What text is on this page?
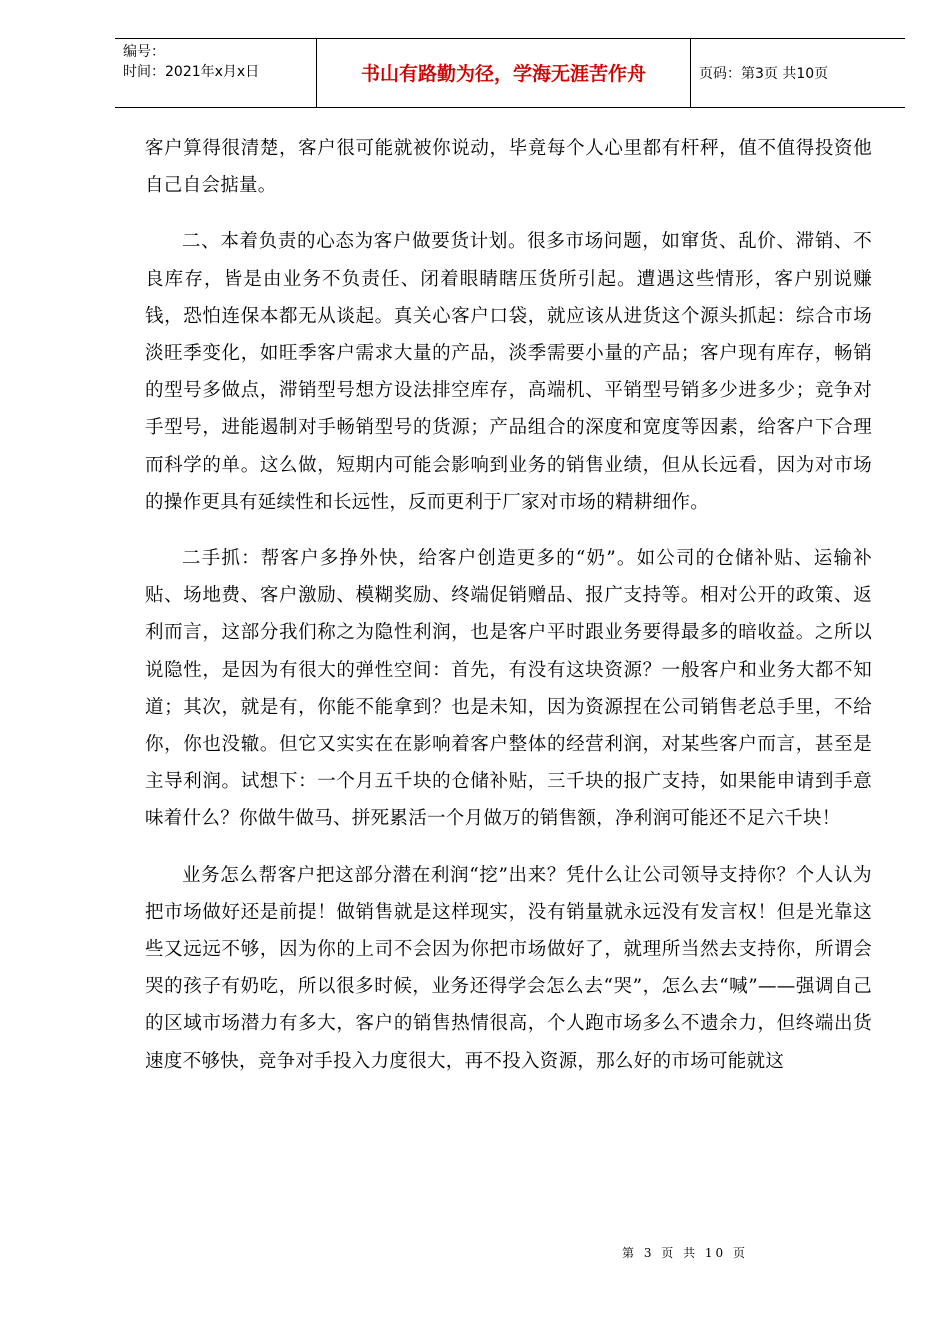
编号：
时间：2021年x月x日	书山有路勤为径，学海无涯苦作舟	页码：第3页 共10页

客户算得很清楚，客户很可能就被你说动，毕竟每个人心里都有杆秤，值不值得投资他自己自会掂量。

二、本着负责的心态为客户做要货计划。很多市场问题，如窜货、乱价、滞销、不良库存，皆是由业务不负责任、闭着眼睛瞎压货所引起。遭遇这些情形，客户别说赚钱，恐怕连保本都无从谈起。真关心客户口袋，就应该从进货这个源头抓起：综合市场淡旺季变化，如旺季客户需求大量的产品，淡季需要小量的产品；客户现有库存，畅销的型号多做点，滞销型号想方设法排空库存，高端机、平销型号销多少进多少；竞争对手型号，进能遏制对手畅销型号的货源；产品组合的深度和宽度等因素，给客户下合理而科学的单。这么做，短期内可能会影响到业务的销售业绩，但从长远看，因为对市场的操作更具有延续性和长远性，反而更利于厂家对市场的精耕细作。

二手抓：帮客户多挣外快，给客户创造更多的“奶”。如公司的仓储补贴、运输补贴、场地费、客户激励、模糊奖励、终端促销赠品、报广支持等。相对公开的政策、返利而言，这部分我们称之为隐性利润，也是客户平时跟业务要得最多的暗收益。之所以说隐性，是因为有很大的弹性空间：首先，有没有这块资源？一般客户和业务大都不知道；其次，就是有，你能不能拿到？也是未知，因为资源捏在公司销售老总手里，不给你，你也没辙。但它又实实在在影响着客户整体的经营利润，对某些客户而言，甚至是主导利润。试想下：一个月五千块的仓储补贴，三千块的报广支持，如果能申请到手意味着什么？你做牛做马、拼死累活一个月做万的销售额，净利润可能还不足六千块！

业务怎么帮客户把这部分潜在利润“挖”出来？凭什么让公司领导支持你？个人认为把市场做好还是前提！做销售就是这样现实，没有销量就永远没有发言权！但是光靠这些又远远不够，因为你的上司不会因为你把市场做好了，就理所当然去支持你，所谓会哭的孩子有奶吃，所以很多时候，业务还得学会怎么去“哭”，怎么去“喊”——强调自己的区域市场潜力有多大，客户的销售热情很高，个人跑市场多么不遗余力，但终端出货速度不够快，竞争对手投入力度很大，再不投入资源，那么好的市场可能就这

第 3 页 共 10 页
